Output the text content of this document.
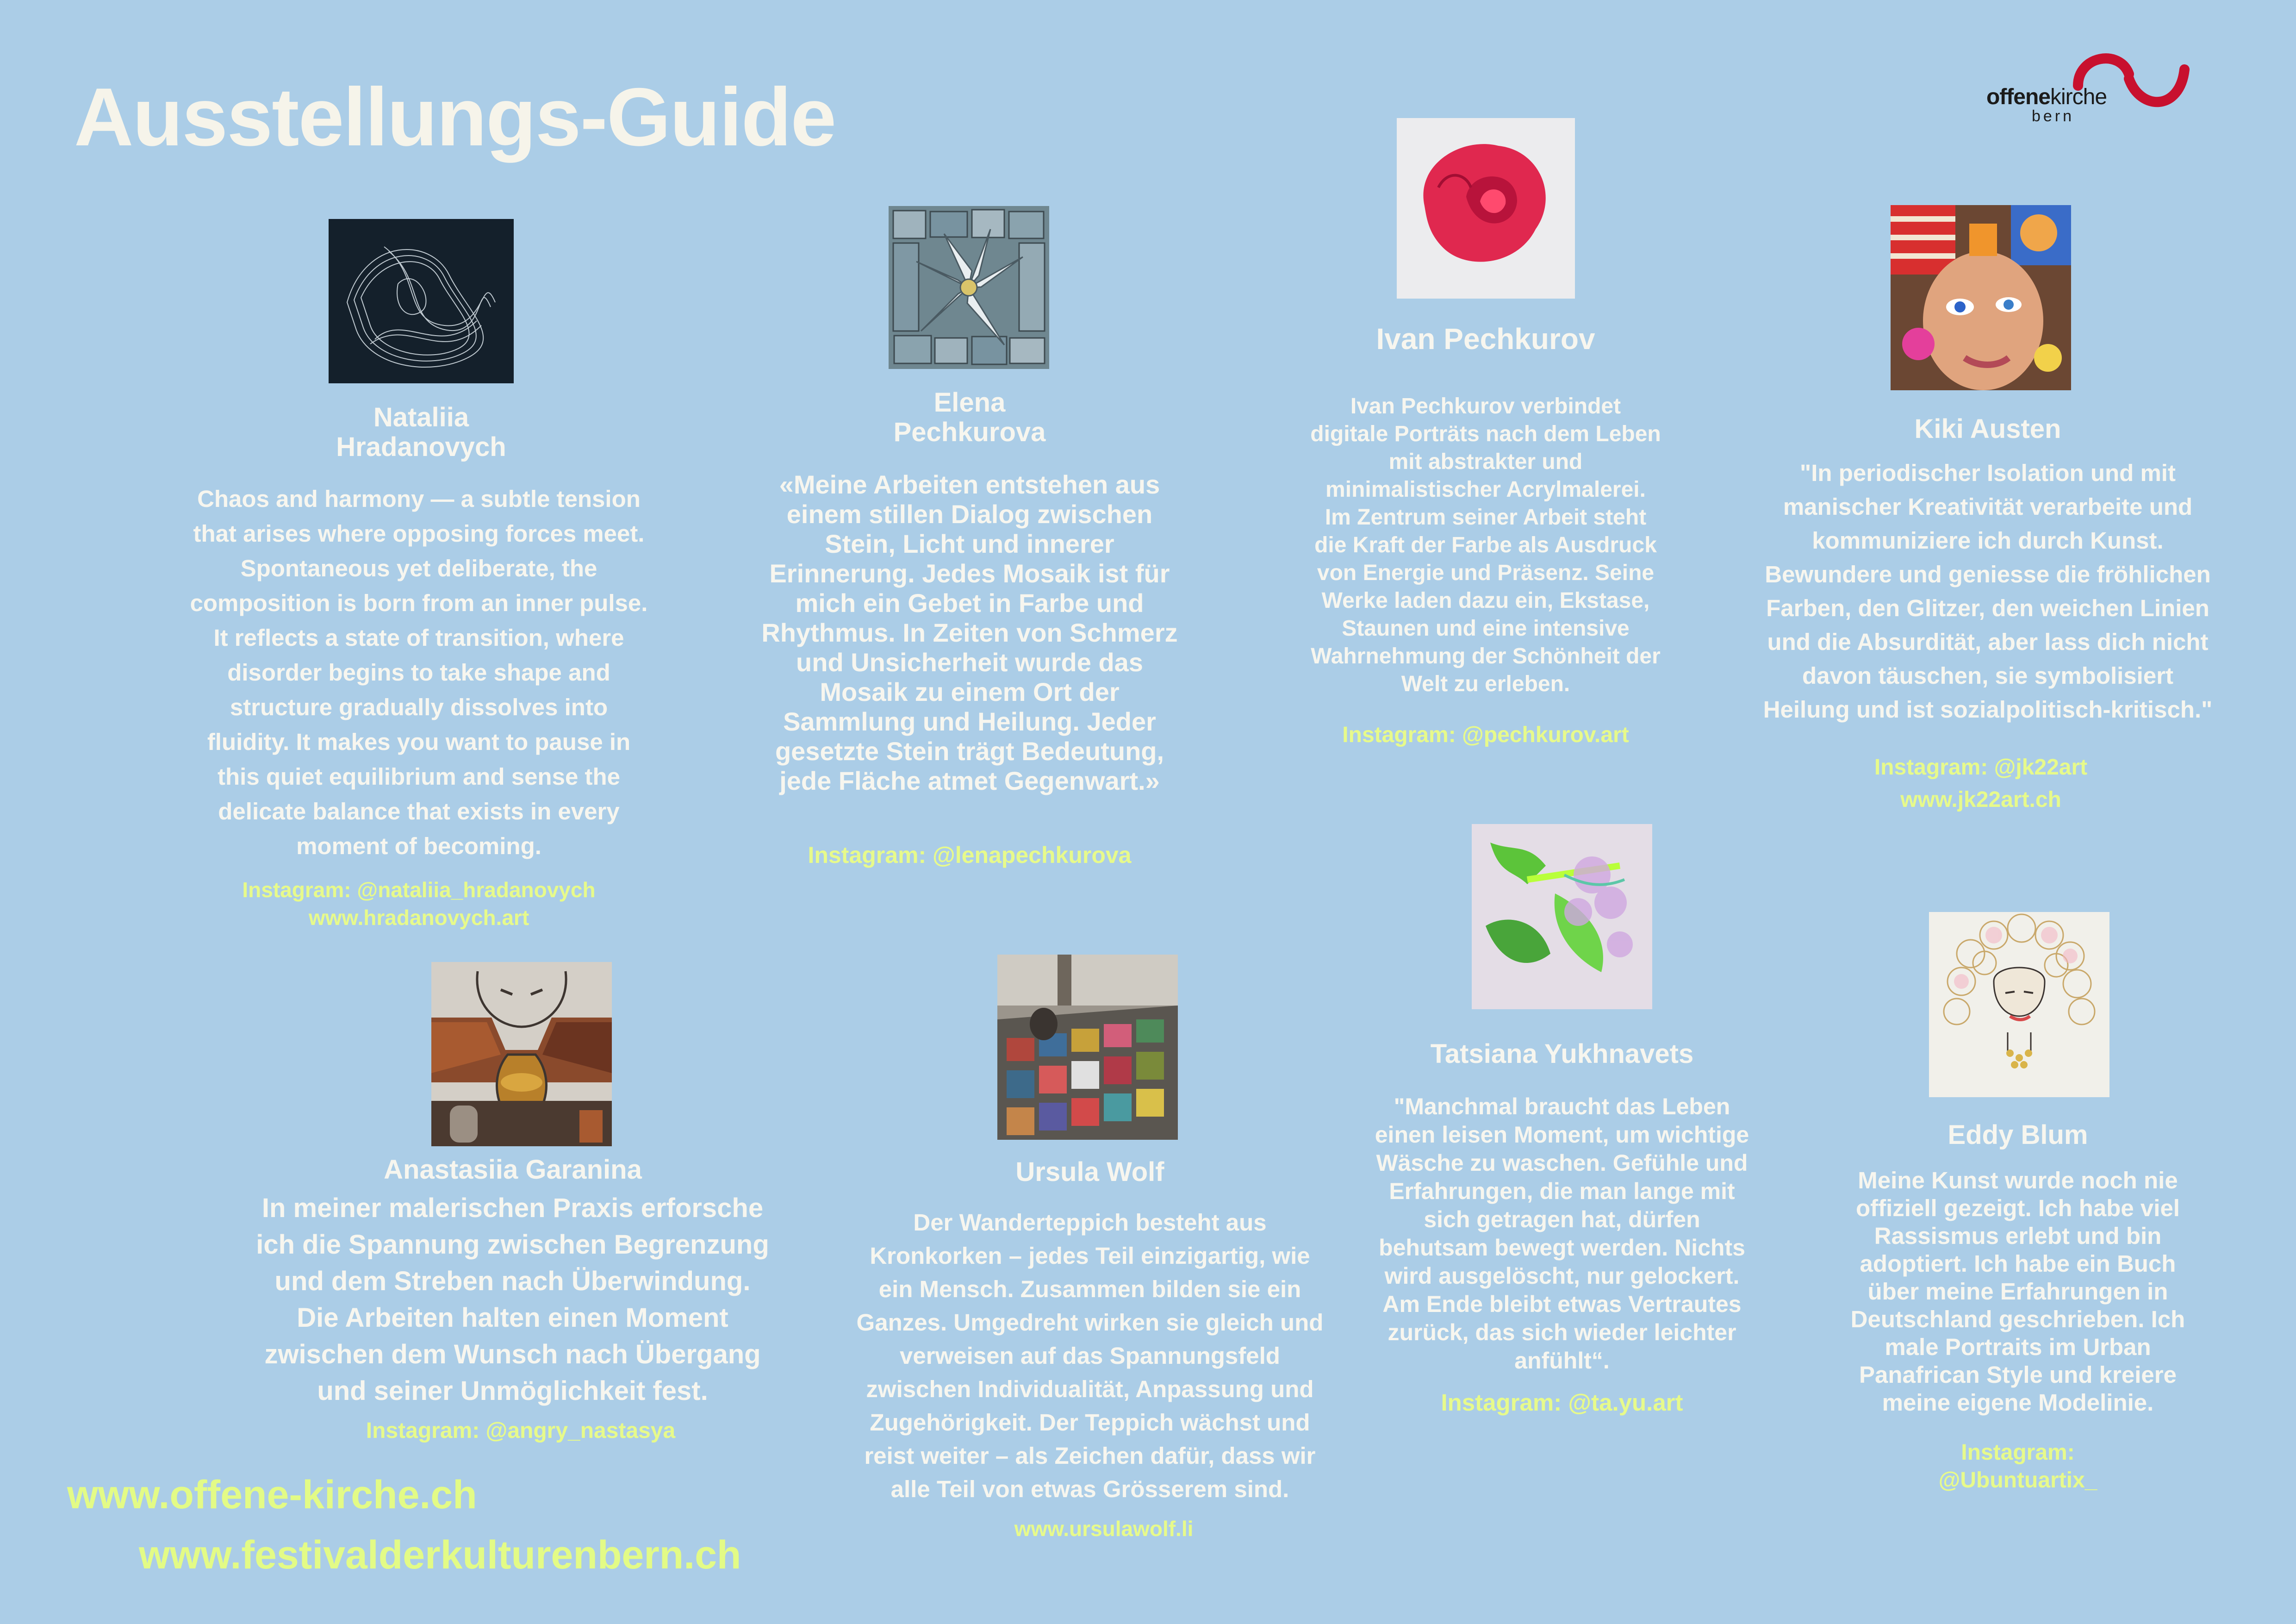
Ausstellungs-Guide	offenekirche
bern
Nataliia
Hradanovych
Chaos and harmony — a subtle tension that arises where opposing forces meet. Spontaneous yet deliberate, the composition is born from an inner pulse. It reflects a state of transition, where disorder begins to take shape and structure gradually dissolves into fluidity. It makes you want to pause in this quiet equilibrium and sense the delicate balance that exists in every moment of becoming.
Instagram: @nataliia_hradanovych
www.hradanovych.art
Elena
Pechkurova
«Meine Arbeiten entstehen aus einem stillen Dialog zwischen Stein, Licht und innerer Erinnerung. Jedes Mosaik ist für mich ein Gebet in Farbe und Rhythmus. In Zeiten von Schmerz und Unsicherheit wurde das Mosaik zu einem Ort der Sammlung und Heilung. Jeder gesetzte Stein trägt Bedeutung, jede Fläche atmet Gegenwart.»
Instagram: @lenapechkurova
Ivan Pechkurov
Ivan Pechkurov verbindet digitale Porträts nach dem Leben mit abstrakter und minimalistischer Acrylmalerei. Im Zentrum seiner Arbeit steht die Kraft der Farbe als Ausdruck von Energie und Präsenz. Seine Werke laden dazu ein, Ekstase, Staunen und eine intensive Wahrnehmung der Schönheit der Welt zu erleben.
Instagram: @pechkurov.art
Kiki Austen
"In periodischer Isolation und mit manischer Kreativität verarbeite und kommuniziere ich durch Kunst. Bewundere und geniesse die fröhlichen Farben, den Glitzer, den weichen Linien und die Absurdität, aber lass dich nicht davon täuschen, sie symbolisiert Heilung und ist sozialpolitisch-kritisch."
Instagram: @jk22art
www.jk22art.ch
Anastasiia Garanina
In meiner malerischen Praxis erforsche ich die Spannung zwischen Begrenzung und dem Streben nach Überwindung. Die Arbeiten halten einen Moment zwischen dem Wunsch nach Übergang und seiner Unmöglichkeit fest.
Instagram: @angry_nastasya
Ursula Wolf
Der Wanderteppich besteht aus Kronkorken – jedes Teil einzigartig, wie ein Mensch. Zusammen bilden sie ein Ganzes. Umgedreht wirken sie gleich und verweisen auf das Spannungsfeld zwischen Individualität, Anpassung und Zugehörigkeit. Der Teppich wächst und reist weiter – als Zeichen dafür, dass wir alle Teil von etwas Grösserem sind.
www.ursulawolf.li
Tatsiana Yukhnavets
"Manchmal braucht das Leben einen leisen Moment, um wichtige Wäsche zu waschen. Gefühle und Erfahrungen, die man lange mit sich getragen hat, dürfen behutsam bewegt werden. Nichts wird ausgelöscht, nur gelockert. Am Ende bleibt etwas Vertrautes zurück, das sich wieder leichter anfühlt“.
Instagram: @ta.yu.art
Eddy Blum
Meine Kunst wurde noch nie offiziell gezeigt. Ich habe viel Rassismus erlebt und bin adoptiert. Ich habe ein Buch über meine Erfahrungen in Deutschland geschrieben. Ich male Portraits im Urban Panafrican Style und kreiere meine eigene Modelinie.
Instagram:
@Ubuntuartix_
www.offene-kirche.ch
www.festivalderkulturenbern.ch
